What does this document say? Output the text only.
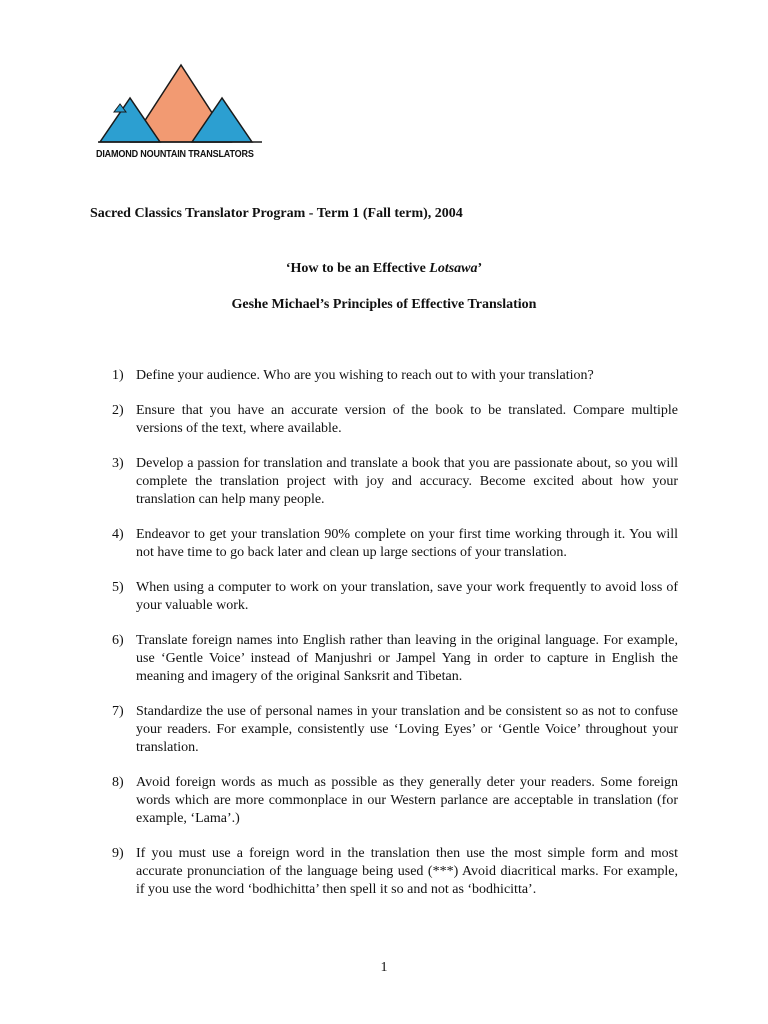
DIAMOND NOUNTAIN TRANSLATORS
Sacred Classics Translator Program - Term 1 (Fall term), 2004
‘How to be an Effective Lotsawa’
Geshe Michael’s Principles of Effective Translation
1) Define your audience. Who are you wishing to reach out to with your translation?
2) Ensure that you have an accurate version of the book to be translated. Compare multiple versions of the text, where available.
3) Develop a passion for translation and translate a book that you are passionate about, so you will complete the translation project with joy and accuracy. Become excited about how your translation can help many people.
4) Endeavor to get your translation 90% complete on your first time working through it. You will not have time to go back later and clean up large sections of your translation.
5) When using a computer to work on your translation, save your work frequently to avoid loss of your valuable work.
6) Translate foreign names into English rather than leaving in the original language. For example, use ‘Gentle Voice’ instead of Manjushri or Jampel Yang in order to capture in English the meaning and imagery of the original Sanksrit and Tibetan.
7) Standardize the use of personal names in your translation and be consistent so as not to confuse your readers. For example, consistently use ‘Loving Eyes’ or ‘Gentle Voice’ throughout your translation.
8) Avoid foreign words as much as possible as they generally deter your readers. Some foreign words which are more commonplace in our Western parlance are acceptable in translation (for example, ‘Lama’.)
9) If you must use a foreign word in the translation then use the most simple form and most accurate pronunciation of the language being used (***) Avoid diacritical marks. For example, if you use the word ‘bodhichitta’ then spell it so and not as ‘bodhicitta’.
1
